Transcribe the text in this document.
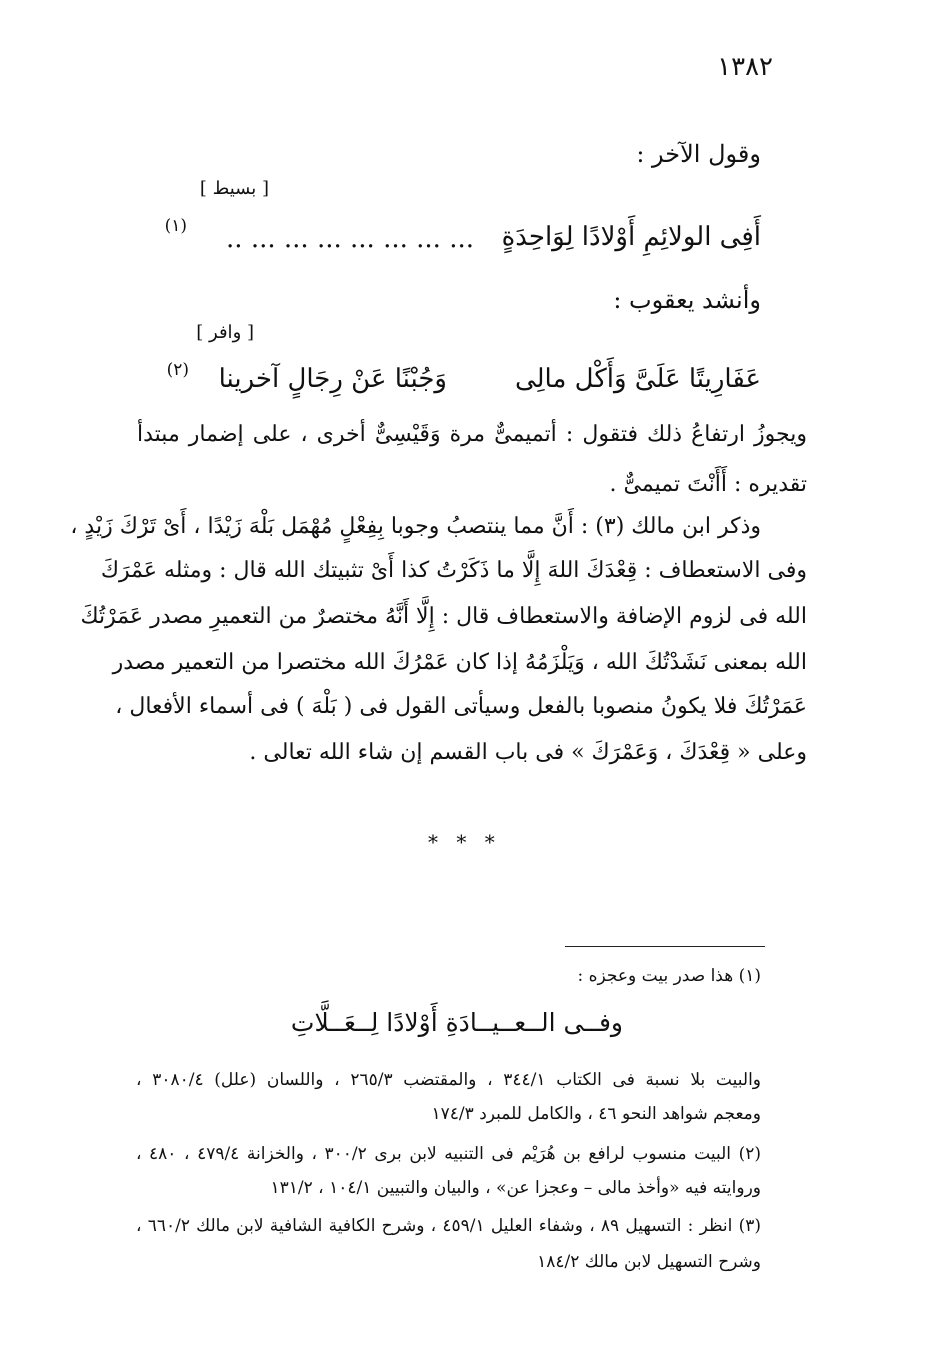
١٣٨٢
وقول الآخر :
[ بسيط ]
أَفِى الولائِمِ أَوْلادًا لِوَاحِدَةٍ
.. ... ... ... ... ... ... ...
(١)
وأنشد يعقوب :
[ وافر ]
عَفَارِيتًا عَلَىَّ وَأَكْل مالِى
وَجُبْنًا عَنْ رِجَالٍ آخرينا
(٢)
ويجوزُ ارتفاعُ ذلك فتقول : أتميمىٌّ مرة وَقَيْسِىٌّ أخرى ، على إضمار مبتدأ
تقديره : أَأَنْتَ تميمىٌّ .
وذكر ابن مالك (٣) : أَنَّ مما ينتصبُ وجوبا بِفِعْلٍ مُهْمَل بَلْهَ زَيْدًا ، أَىْ تَرْكَ زَيْدٍ ،
وفى الاستعطاف : قِعْدَكَ اللهَ إِلَّا ما ذَكَرْتُ كذا أَىْ تثبيتك الله قال : ومثله عَمْرَكَ
الله فى لزوم الإضافة والاستعطاف قال : إِلَّا أَنَّهُ مختصرٌ من التعميرِ مصدر عَمَرْتُكَ
الله بمعنى نَشَدْتُكَ الله ، وَيَلْزَمُهُ إذا كان عَمْرُكَ الله مختصرا من التعمير مصدر
عَمَرْتُكَ فلا يكونُ منصوبا بالفعل وسيأتى القول فى ( بَلْهَ ) فى أسماء الأفعال ،
وعلى « قِعْدَكَ ، وَعَمْرَكَ » فى باب القسم إن شاء الله تعالى .
* * *
(١) هذا صدر بيت وعجزه :
وفــى الــعــيــادَةِ أَوْلادًا لِــعَــلَّاتِ
والبيت بلا نسبة فى الكتاب ٣٤٤/١ ، والمقتضب ٢٦٥/٣ ، واللسان (علل) ٣٠٨٠/٤ ،
ومعجم شواهد النحو ٤٦ ، والكامل للمبرد ١٧٤/٣
(٢) البيت منسوب لرافع بن هُرَيْم فى التنبيه لابن برى ٣٠٠/٢ ، والخزانة ٤٧٩/٤ ، ٤٨٠ ،
وروايته فيه «وأخذ مالى – وعجزا عن» ، والبيان والتبيين ١٠٤/١ ، ١٣١/٢
(٣) انظر : التسهيل ٨٩ ، وشفاء العليل ٤٥٩/١ ، وشرح الكافية الشافية لابن مالك ٦٦٠/٢ ،
وشرح التسهيل لابن مالك ١٨٤/٢
